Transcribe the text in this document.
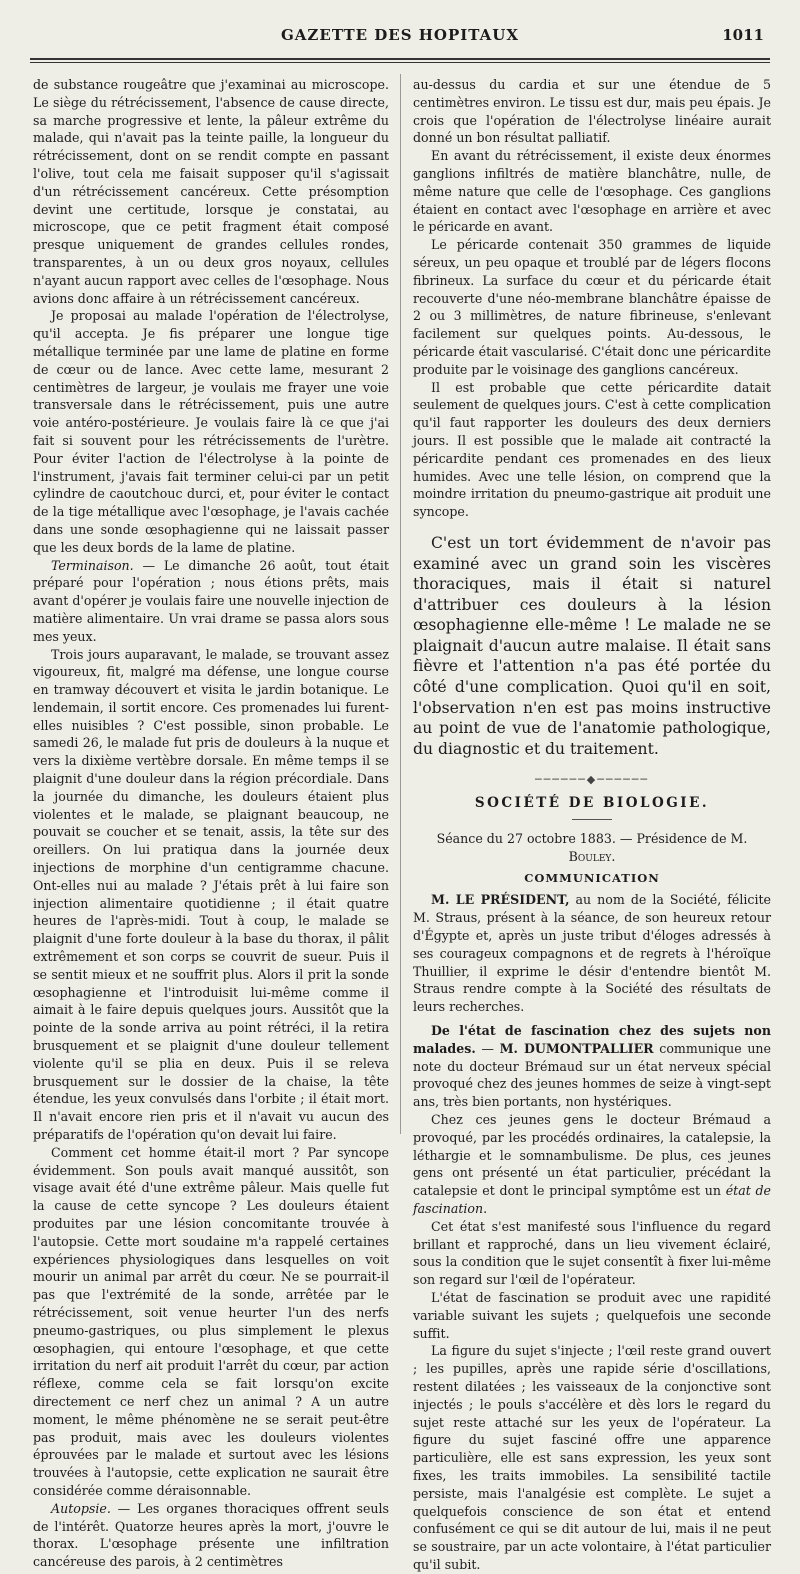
GAZETTE DES HOPITAUX	1011

de substance rougeâtre que j'examinai au microscope. Le siège du rétrécissement, l'absence de cause directe, sa marche progressive et lente, la pâleur extrême du malade, qui n'avait pas la teinte paille, la longueur du rétrécissement, dont on se rendit compte en passant l'olive, tout cela me faisait supposer qu'il s'agissait d'un rétrécissement cancéreux. Cette présomption devint une certitude, lorsque je constatai, au microscope, que ce petit fragment était composé presque uniquement de grandes cellules rondes, transparentes, à un ou deux gros noyaux, cellules n'ayant aucun rapport avec celles de l'œsophage. Nous avions donc affaire à un rétrécissement cancéreux.

Je proposai au malade l'opération de l'électrolyse, qu'il accepta. Je fis préparer une longue tige métallique terminée par une lame de platine en forme de cœur ou de lance. Avec cette lame, mesurant 2 centimètres de largeur, je voulais me frayer une voie transversale dans le rétrécissement, puis une autre voie antéro-postérieure. Je voulais faire là ce que j'ai fait si souvent pour les rétrécissements de l'urètre. Pour éviter l'action de l'électrolyse à la pointe de l'instrument, j'avais fait terminer celui-ci par un petit cylindre de caoutchouc durci, et, pour éviter le contact de la tige métallique avec l'œsophage, je l'avais cachée dans une sonde œsophagienne qui ne laissait passer que les deux bords de la lame de platine.

Terminaison. — Le dimanche 26 août, tout était préparé pour l'opération ; nous étions prêts, mais avant d'opérer je voulais faire une nouvelle injection de matière alimentaire. Un vrai drame se passa alors sous mes yeux.

Trois jours auparavant, le malade, se trouvant assez vigoureux, fit, malgré ma défense, une longue course en tramway découvert et visita le jardin botanique. Le lendemain, il sortit encore. Ces promenades lui furent-elles nuisibles ? C'est possible, sinon probable. Le samedi 26, le malade fut pris de douleurs à la nuque et vers la dixième vertèbre dorsale. En même temps il se plaignit d'une douleur dans la région précordiale. Dans la journée du dimanche, les douleurs étaient plus violentes et le malade, se plaignant beaucoup, ne pouvait se coucher et se tenait, assis, la tête sur des oreillers. On lui pratiqua dans la journée deux injections de morphine d'un centigramme chacune. Ont-elles nui au malade ? J'étais prêt à lui faire son injection alimentaire quotidienne ; il était quatre heures de l'après-midi. Tout à coup, le malade se plaignit d'une forte douleur à la base du thorax, il pâlit extrêmement et son corps se couvrit de sueur. Puis il se sentit mieux et ne souffrit plus. Alors il prit la sonde œsophagienne et l'introduisit lui-même comme il aimait à le faire depuis quelques jours. Aussitôt que la pointe de la sonde arriva au point rétréci, il la retira brusquement et se plaignit d'une douleur tellement violente qu'il se plia en deux. Puis il se releva brusquement sur le dossier de la chaise, la tête étendue, les yeux convulsés dans l'orbite ; il était mort. Il n'avait encore rien pris et il n'avait vu aucun des préparatifs de l'opération qu'on devait lui faire.

Comment cet homme était-il mort ? Par syncope évidemment. Son pouls avait manqué aussitôt, son visage avait été d'une extrême pâleur. Mais quelle fut la cause de cette syncope ? Les douleurs étaient produites par une lésion concomitante trouvée à l'autopsie. Cette mort soudaine m'a rappelé certaines expériences physiologiques dans lesquelles on voit mourir un animal par arrêt du cœur. Ne se pourrait-il pas que l'extrémité de la sonde, arrêtée par le rétrécissement, soit venue heurter l'un des nerfs pneumo-gastriques, ou plus simplement le plexus œsophagien, qui entoure l'œsophage, et que cette irritation du nerf ait produit l'arrêt du cœur, par action réflexe, comme cela se fait lorsqu'on excite directement ce nerf chez un animal ? A un autre moment, le même phénomène ne se serait peut-être pas produit, mais avec les douleurs violentes éprouvées par le malade et surtout avec les lésions trouvées à l'autopsie, cette explication ne saurait être considérée comme déraisonnable.

Autopsie. — Les organes thoraciques offrent seuls de l'intérêt. Quatorze heures après la mort, j'ouvre le thorax. L'œsophage présente une infiltration cancéreuse des parois, à 2 centimètres

au-dessus du cardia et sur une étendue de 5 centimètres environ. Le tissu est dur, mais peu épais. Je crois que l'opération de l'électrolyse linéaire aurait donné un bon résultat palliatif.

En avant du rétrécissement, il existe deux énormes ganglions infiltrés de matière blanchâtre, nulle, de même nature que celle de l'œsophage. Ces ganglions étaient en contact avec l'œsophage en arrière et avec le péricarde en avant.

Le péricarde contenait 350 grammes de liquide séreux, un peu opaque et troublé par de légers flocons fibrineux. La surface du cœur et du péricarde était recouverte d'une néo-membrane blanchâtre épaisse de 2 ou 3 millimètres, de nature fibrineuse, s'enlevant facilement sur quelques points. Au-dessous, le péricarde était vascularisé. C'était donc une péricardite produite par le voisinage des ganglions cancéreux.

Il est probable que cette péricardite datait seulement de quelques jours. C'est à cette complication qu'il faut rapporter les douleurs des deux derniers jours. Il est possible que le malade ait contracté la péricardite pendant ces promenades en des lieux humides. Avec une telle lésion, on comprend que la moindre irritation du pneumo-gastrique ait produit une syncope.

C'est un tort évidemment de n'avoir pas examiné avec un grand soin les viscères thoraciques, mais il était si naturel d'attribuer ces douleurs à la lésion œsophagienne elle-même ! Le malade ne se plaignait d'aucun autre malaise. Il était sans fièvre et l'attention n'a pas été portée du côté d'une complication. Quoi qu'il en soit, l'observation n'en est pas moins instructive au point de vue de l'anatomie pathologique, du diagnostic et du traitement.

──────◆──────
SOCIÉTÉ DE BIOLOGIE.

Séance du 27 octobre 1883. — Présidence de M. Bouley.

COMMUNICATION

M. LE PRÉSIDENT, au nom de la Société, félicite M. Straus, présent à la séance, de son heureux retour d'Égypte et, après un juste tribut d'éloges adressés à ses courageux compagnons et de regrets à l'héroïque Thuillier, il exprime le désir d'entendre bientôt M. Straus rendre compte à la Société des résultats de leurs recherches.

De l'état de fascination chez des sujets non malades. — M. DUMONTPALLIER communique une note du docteur Brémaud sur un état nerveux spécial provoqué chez des jeunes hommes de seize à vingt-sept ans, très bien portants, non hystériques.

Chez ces jeunes gens le docteur Brémaud a provoqué, par les procédés ordinaires, la catalepsie, la léthargie et le somnambulisme. De plus, ces jeunes gens ont présenté un état particulier, précédant la catalepsie et dont le principal symptôme est un état de fascination.

Cet état s'est manifesté sous l'influence du regard brillant et rapproché, dans un lieu vivement éclairé, sous la condition que le sujet consentît à fixer lui-même son regard sur l'œil de l'opérateur.

L'état de fascination se produit avec une rapidité variable suivant les sujets ; quelquefois une seconde suffit.

La figure du sujet s'injecte ; l'œil reste grand ouvert ; les pupilles, après une rapide série d'oscillations, restent dilatées ; les vaisseaux de la conjonctive sont injectés ; le pouls s'accélère et dès lors le regard du sujet reste attaché sur les yeux de l'opérateur. La figure du sujet fasciné offre une apparence particulière, elle est sans expression, les yeux sont fixes, les traits immobiles. La sensibilité tactile persiste, mais l'analgésie est complète. Le sujet a quelquefois conscience de son état et entend confusément ce qui se dit autour de lui, mais il ne peut se soustraire, par un acte volontaire, à l'état particulier qu'il subit.
